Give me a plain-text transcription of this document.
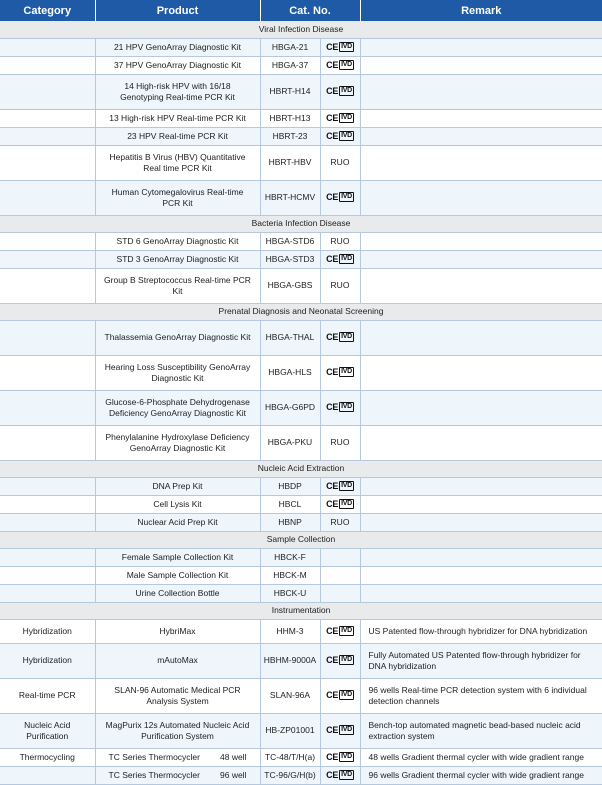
Category	Product	Cat. No.		Remark
Viral Infection Disease				
	21 HPV GenoArray Diagnostic Kit	HBGA-21	CE IVD	

	37 HPV GenoArray Diagnostic Kit	HBGA-37	CE IVD	

	14 High-risk HPV with 16/18 Genotyping Real-time PCR Kit	HBRT-H14	CE IVD	

	13 High-risk HPV Real-time PCR Kit	HBRT-H13	CE IVD	

	23 HPV Real-time PCR Kit	HBRT-23	CE IVD	

	Hepatitis B Virus (HBV) Quantitative Real time PCR Kit	HBRT-HBV	RUO	
	Human Cytomegalovirus Real-time PCR Kit	HBRT-HCMV	CE IVD	

Bacteria Infection Disease				
	STD 6 GenoArray Diagnostic Kit	HBGA-STD6	RUO	
	STD 3 GenoArray Diagnostic Kit	HBGA-STD3	CE IVD	

	Group B Streptococcus Real-time PCR Kit	HBGA-GBS	RUO	
Prenatal Diagnosis and Neonatal Screening				
	Thalassemia GenoArray Diagnostic Kit	HBGA-THAL	CE IVD	

	Hearing Loss Susceptibility GenoArray Diagnostic Kit	HBGA-HLS	CE IVD	

	Glucose-6-Phosphate Dehydrogenase Deficiency GenoArray Diagnostic Kit	HBGA-G6PD	CE IVD	

	Phenylalanine Hydroxylase Deficiency GenoArray Diagnostic Kit	HBGA-PKU	RUO	
Nucleic Acid Extraction				
	DNA Prep Kit	HBDP	CE IVD	

	Cell Lysis Kit	HBCL	CE IVD	

	Nuclear Acid Prep Kit	HBNP	RUO	
Sample Collection				
	Female Sample Collection Kit	HBCK-F		
	Male Sample Collection Kit	HBCK-M		
	Urine Collection Bottle	HBCK-U		
Instrumentation				
Hybridization	HybriMax	HHM-3	CE IVD	US Patented flow-through hybridizer for DNA hybridization
Hybridization	mAutoMax	HBHM-9000A	CE IVD	Fully Automated US Patented flow-through hybridizer for DNA hybridization
Real-time PCR	SLAN-96 Automatic Medical PCR Analysis System	SLAN-96A	CE IVD	96 wells Real-time PCR detection system with 6 individual detection channels
Nucleic Acid Purification	MagPurix 12s Automated Nucleic Acid Purification System	HB-ZP01001	CE IVD	Bench-top automated magnetic bead-based nucleic acid extraction system
Thermocycling	TC Series Thermocycler 48 well	TC-48/T/H(a)	CE IVD	48 wells Gradient thermal cycler with wide gradient range

	TC Series Thermocycler 96 well	TC-96/G/H(b)	CE IVD	96 wells Gradient thermal cycler with wide gradient range
